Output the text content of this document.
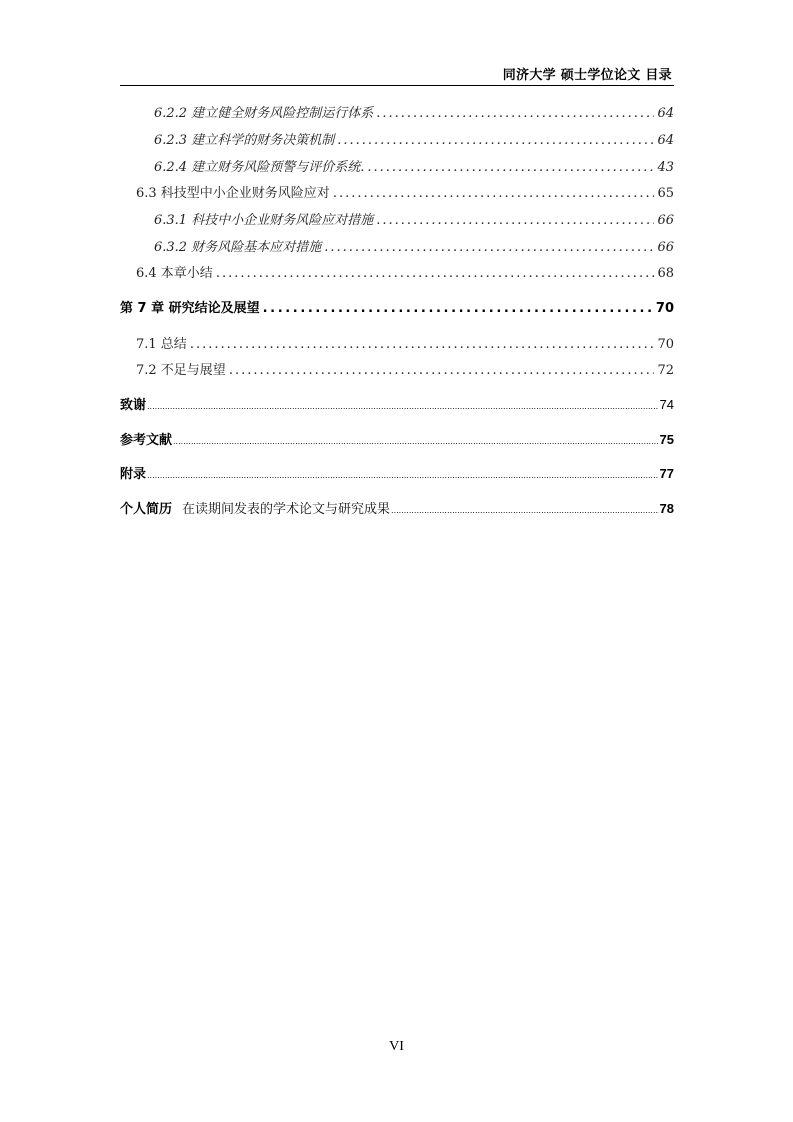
同济大学 硕士学位论文 目录
6.2.2 建立健全财务风险控制运行体系 .....	64
6.2.3 建立科学的财务决策机制 .....	64
6.2.4 建立财务风险预警与评价系统. .....	43
6.3 科技型中小企业财务风险应对 .....	65
6.3.1 科技中小企业财务风险应对措施 .....	66
6.3.2 财务风险基本应对措施 .....	66
6.4 本章小结 .....	68
第 7 章 研究结论及展望 .....	70
7.1 总结 .....	70
7.2 不足与展望 .....	72
致谢 .....	74
参考文献 .....	75
附录 .....	77
个人简历 在读期间发表的学术论文与研究成果 .....	78
VI
